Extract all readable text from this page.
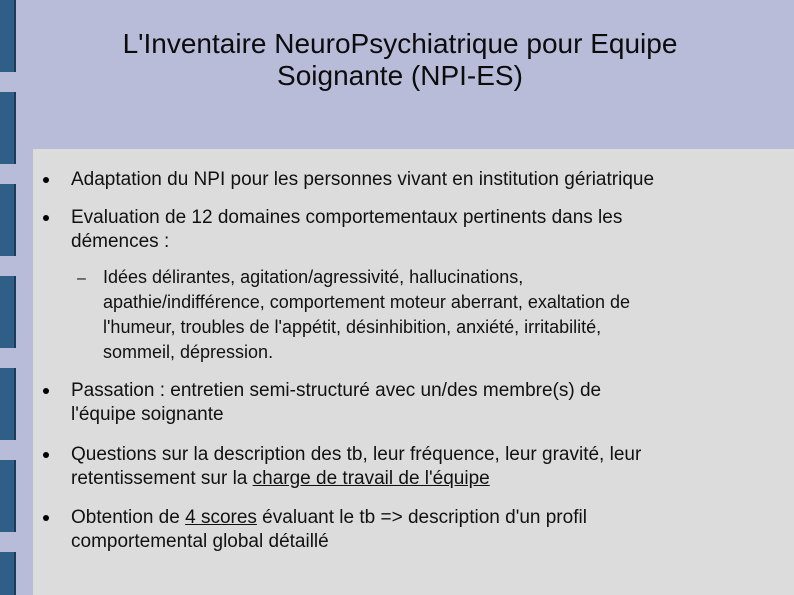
L'Inventaire NeuroPsychiatrique pour Equipe
Soignante (NPI-ES)
Adaptation du NPI pour les personnes vivant en institution gériatrique
Evaluation de 12 domaines comportementaux pertinents dans les
démences :
– Idées délirantes, agitation/agressivité, hallucinations,
apathie/indifférence, comportement moteur aberrant, exaltation de
l'humeur, troubles de l'appétit, désinhibition, anxiété, irritabilité,
sommeil, dépression.
Passation : entretien semi-structuré avec un/des membre(s) de
l'équipe soignante
Questions sur la description des tb, leur fréquence, leur gravité, leur
retentissement sur la charge de travail de l'équipe
Obtention de 4 scores évaluant le tb => description d'un profil
comportemental global détaillé
